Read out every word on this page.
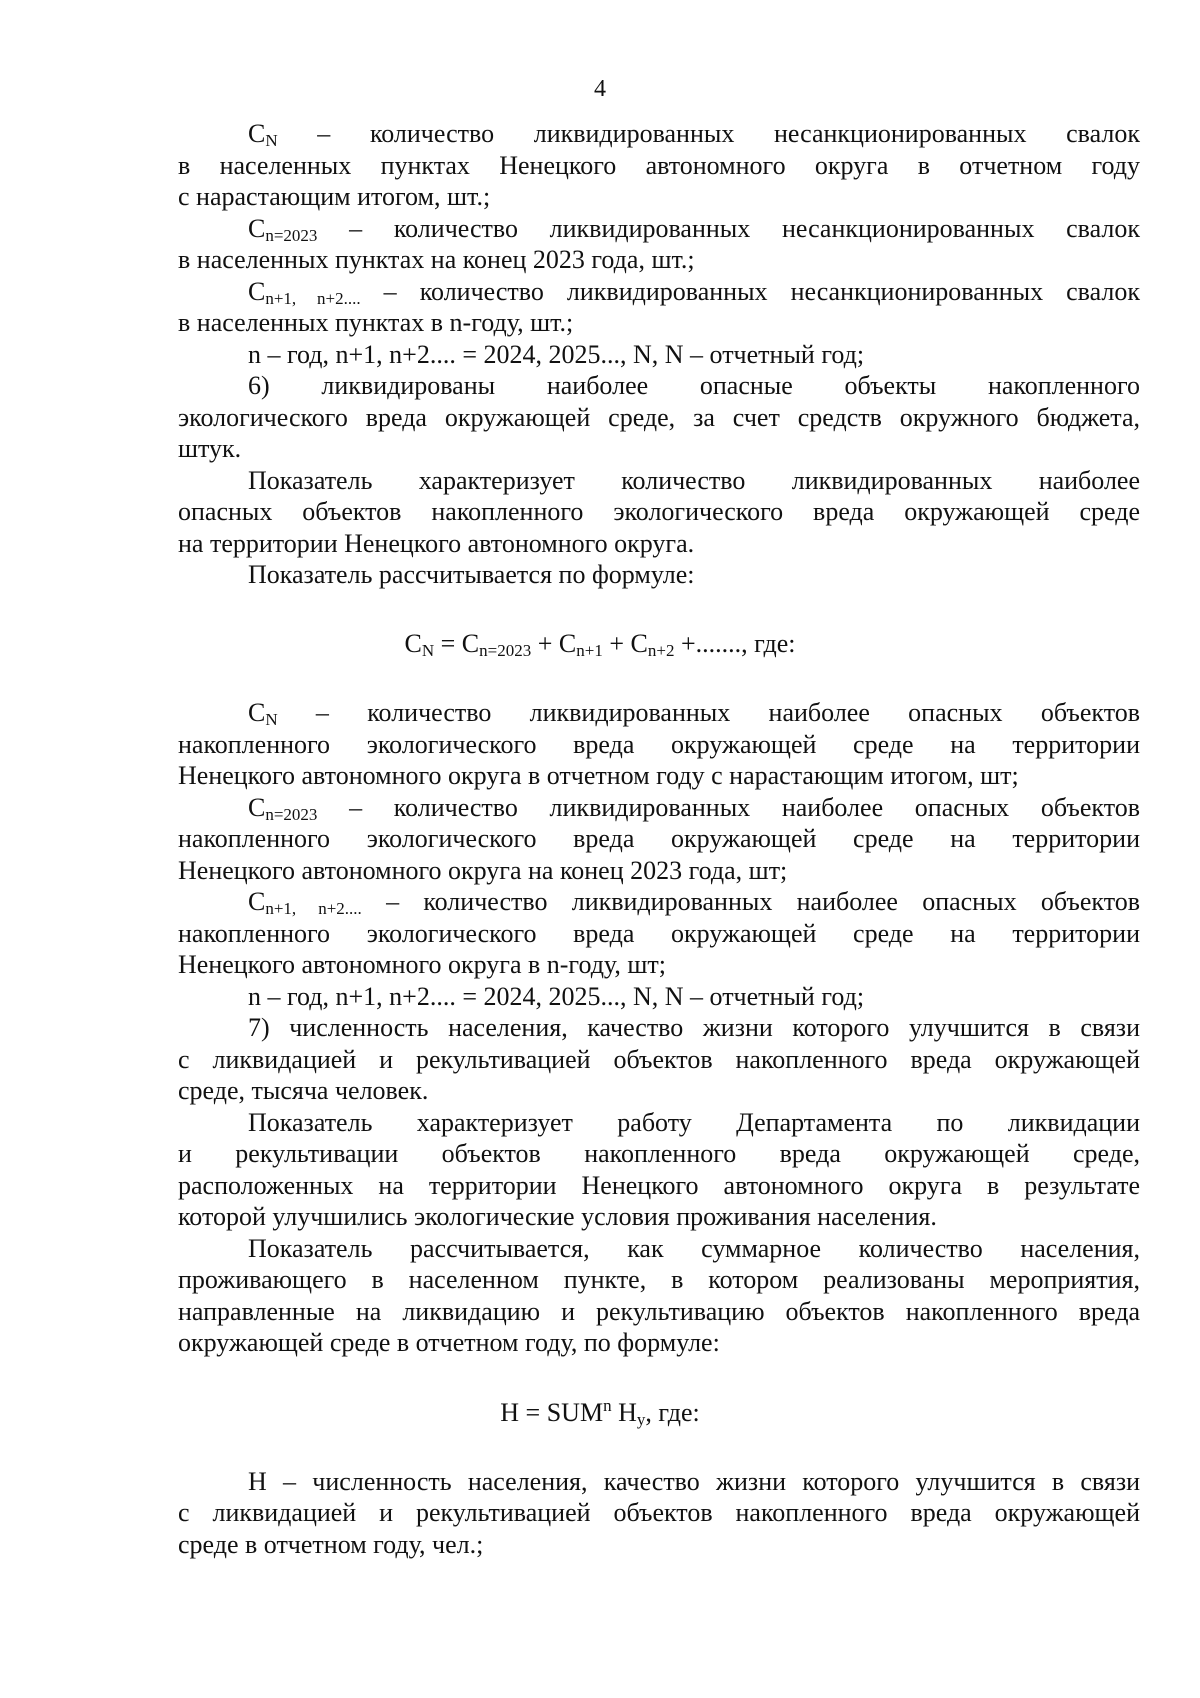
4
$C_N$ – количество ликвидированных несанкционированных свалок
в населенных пунктах Ненецкого автономного округа в отчетном году
с нарастающим итогом, шт.;
$C_{n=2023}$ – количество ликвидированных несанкционированных свалок
в населенных пунктах на конец 2023 года, шт.;
$C_{n+1, n+2....}$ – количество ликвидированных несанкционированных свалок
в населенных пунктах в n-году, шт.;
n – год, n+1, n+2.... = 2024, 2025..., N, N – отчетный год;
6) ликвидированы наиболее опасные объекты накопленного
экологического вреда окружающей среде, за счет средств окружного бюджета,
штук.
Показатель характеризует количество ликвидированных наиболее
опасных объектов накопленного экологического вреда окружающей среде
на территории Ненецкого автономного округа.
Показатель рассчитывается по формуле:
$C_N = C_{n=2023} + C_{n+1} + C_{n+2}$ +......., где:
$C_N$ – количество ликвидированных наиболее опасных объектов
накопленного экологического вреда окружающей среде на территории
Ненецкого автономного округа в отчетном году с нарастающим итогом, шт;
$C_{n=2023}$ – количество ликвидированных наиболее опасных объектов
накопленного экологического вреда окружающей среде на территории
Ненецкого автономного округа на конец 2023 года, шт;
$C_{n+1, n+2....}$ – количество ликвидированных наиболее опасных объектов
накопленного экологического вреда окружающей среде на территории
Ненецкого автономного округа в n-году, шт;
n – год, n+1, n+2.... = 2024, 2025..., N, N – отчетный год;
7) численность населения, качество жизни которого улучшится в связи
с ликвидацией и рекультивацией объектов накопленного вреда окружающей
среде, тысяча человек.
Показатель характеризует работу Департамента по ликвидации
и рекультивации объектов накопленного вреда окружающей среде,
расположенных на территории Ненецкого автономного округа в результате
которой улучшились экологические условия проживания населения.
Показатель рассчитывается, как суммарное количество населения,
проживающего в населенном пункте, в котором реализованы мероприятия,
направленные на ликвидацию и рекультивацию объектов накопленного вреда
окружающей среде в отчетном году, по формуле:
$H = SUM^n$ $H_y$, где:
H – численность населения, качество жизни которого улучшится в связи
с ликвидацией и рекультивацией объектов накопленного вреда окружающей
среде в отчетном году, чел.;
